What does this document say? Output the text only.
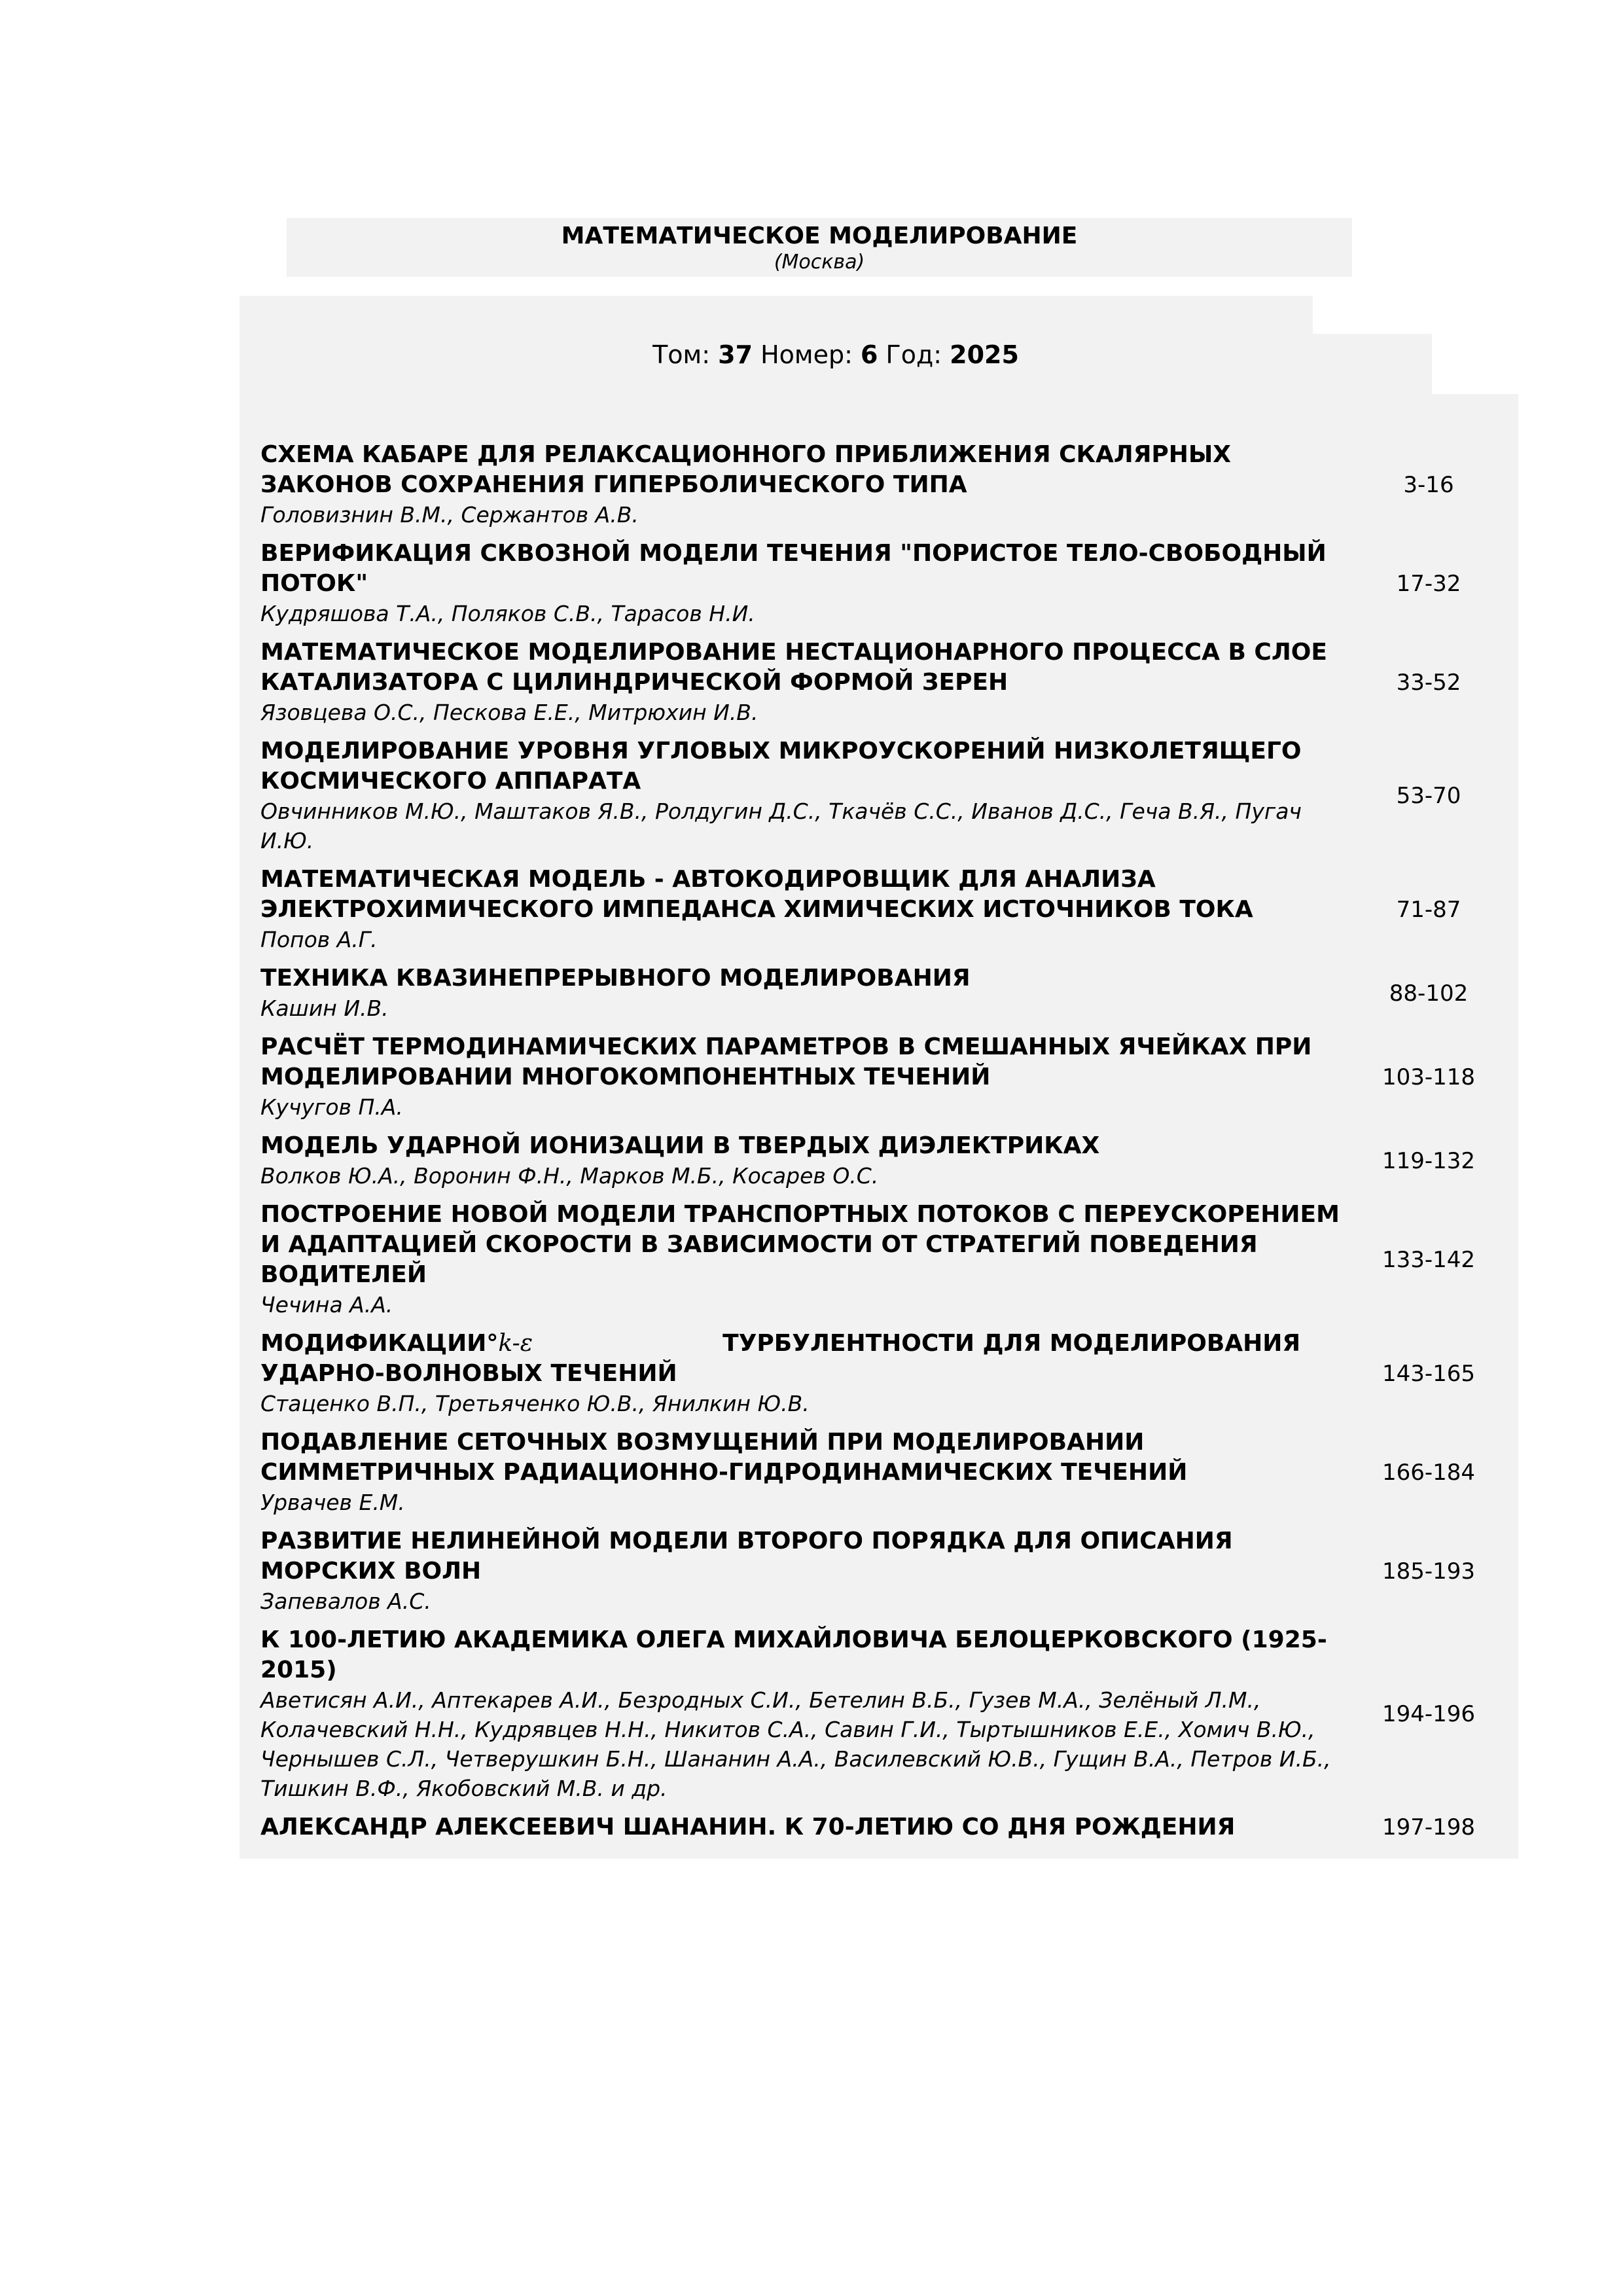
МАТЕМАТИЧЕСКОЕ МОДЕЛИРОВАНИЕ
(Москва)
Том: 37 Номер: 6 Год: 2025
СХЕМА КАБАРЕ ДЛЯ РЕЛАКСАЦИОННОГО ПРИБЛИЖЕНИЯ СКАЛЯРНЫХ ЗАКОНОВ СОХРАНЕНИЯ ГИПЕРБОЛИЧЕСКОГО ТИПА
Головизнин В.М., Сержантов А.В.
3-16
ВЕРИФИКАЦИЯ СКВОЗНОЙ МОДЕЛИ ТЕЧЕНИЯ "ПОРИСТОЕ ТЕЛО-СВОБОДНЫЙ ПОТОК"
Кудряшова Т.А., Поляков С.В., Тарасов Н.И.
17-32
МАТЕМАТИЧЕСКОЕ МОДЕЛИРОВАНИЕ НЕСТАЦИОНАРНОГО ПРОЦЕССА В СЛОЕ КАТАЛИЗАТОРА С ЦИЛИНДРИЧЕСКОЙ ФОРМОЙ ЗЕРЕН
Язовцева О.С., Пескова Е.Е., Митрюхин И.В.
33-52
МОДЕЛИРОВАНИЕ УРОВНЯ УГЛОВЫХ МИКРОУСКОРЕНИЙ НИЗКОЛЕТЯЩЕГО КОСМИЧЕСКОГО АППАРАТА
Овчинников М.Ю., Маштаков Я.В., Ролдугин Д.С., Ткачёв С.С., Иванов Д.С., Геча В.Я., Пугач И.Ю.
53-70
МАТЕМАТИЧЕСКАЯ МОДЕЛЬ - АВТОКОДИРОВЩИК ДЛЯ АНАЛИЗА ЭЛЕКТРОХИМИЧЕСКОГО ИМПЕДАНСА ХИМИЧЕСКИХ ИСТОЧНИКОВ ТОКА
Попов А.Г.
71-87
ТЕХНИКА КВАЗИНЕПРЕРЫВНОГО МОДЕЛИРОВАНИЯ
Кашин И.В.
88-102
РАСЧЁТ ТЕРМОДИНАМИЧЕСКИХ ПАРАМЕТРОВ В СМЕШАННЫХ ЯЧЕЙКАХ ПРИ МОДЕЛИРОВАНИИ МНОГОКОМПОНЕНТНЫХ ТЕЧЕНИЙ
Кучугов П.А.
103-118
МОДЕЛЬ УДАРНОЙ ИОНИЗАЦИИ В ТВЕРДЫХ ДИЭЛЕКТРИКАХ
Волков Ю.А., Воронин Ф.Н., Марков М.Б., Косарев О.С.
119-132
ПОСТРОЕНИЕ НОВОЙ МОДЕЛИ ТРАНСПОРТНЫХ ПОТОКОВ С ПЕРЕУСКОРЕНИЕМ И АДАПТАЦИЕЙ СКОРОСТИ В ЗАВИСИМОСТИ ОТ СТРАТЕГИЙ ПОВЕДЕНИЯ ВОДИТЕЛЕЙ
Чечина А.А.
133-142
МОДИФИКАЦИИ°k-ε	ТУРБУЛЕНТНОСТИ ДЛЯ МОДЕЛИРОВАНИЯ УДАРНО-ВОЛНОВЫХ ТЕЧЕНИЙ
Стаценко В.П., Третьяченко Ю.В., Янилкин Ю.В.
143-165
ПОДАВЛЕНИЕ СЕТОЧНЫХ ВОЗМУЩЕНИЙ ПРИ МОДЕЛИРОВАНИИ СИММЕТРИЧНЫХ РАДИАЦИОННО-ГИДРОДИНАМИЧЕСКИХ ТЕЧЕНИЙ
Урвачев Е.М.
166-184
РАЗВИТИЕ НЕЛИНЕЙНОЙ МОДЕЛИ ВТОРОГО ПОРЯДКА ДЛЯ ОПИСАНИЯ МОРСКИХ ВОЛН
Запевалов А.С.
185-193
К 100-ЛЕТИЮ АКАДЕМИКА ОЛЕГА МИХАЙЛОВИЧА БЕЛОЦЕРКОВСКОГО (1925-2015)
Аветисян А.И., Аптекарев А.И., Безродных С.И., Бетелин В.Б., Гузев М.А., Зелёный Л.М., Колачевский Н.Н., Кудрявцев Н.Н., Никитов С.А., Савин Г.И., Тыртышников Е.Е., Хомич В.Ю., Чернышев С.Л., Четверушкин Б.Н., Шананин А.А., Василевский Ю.В., Гущин В.А., Петров И.Б., Тишкин В.Ф., Якобовский М.В. и др.
194-196
АЛЕКСАНДР АЛЕКСЕЕВИЧ ШАНАНИН. К 70-ЛЕТИЮ СО ДНЯ РОЖДЕНИЯ	197-198
